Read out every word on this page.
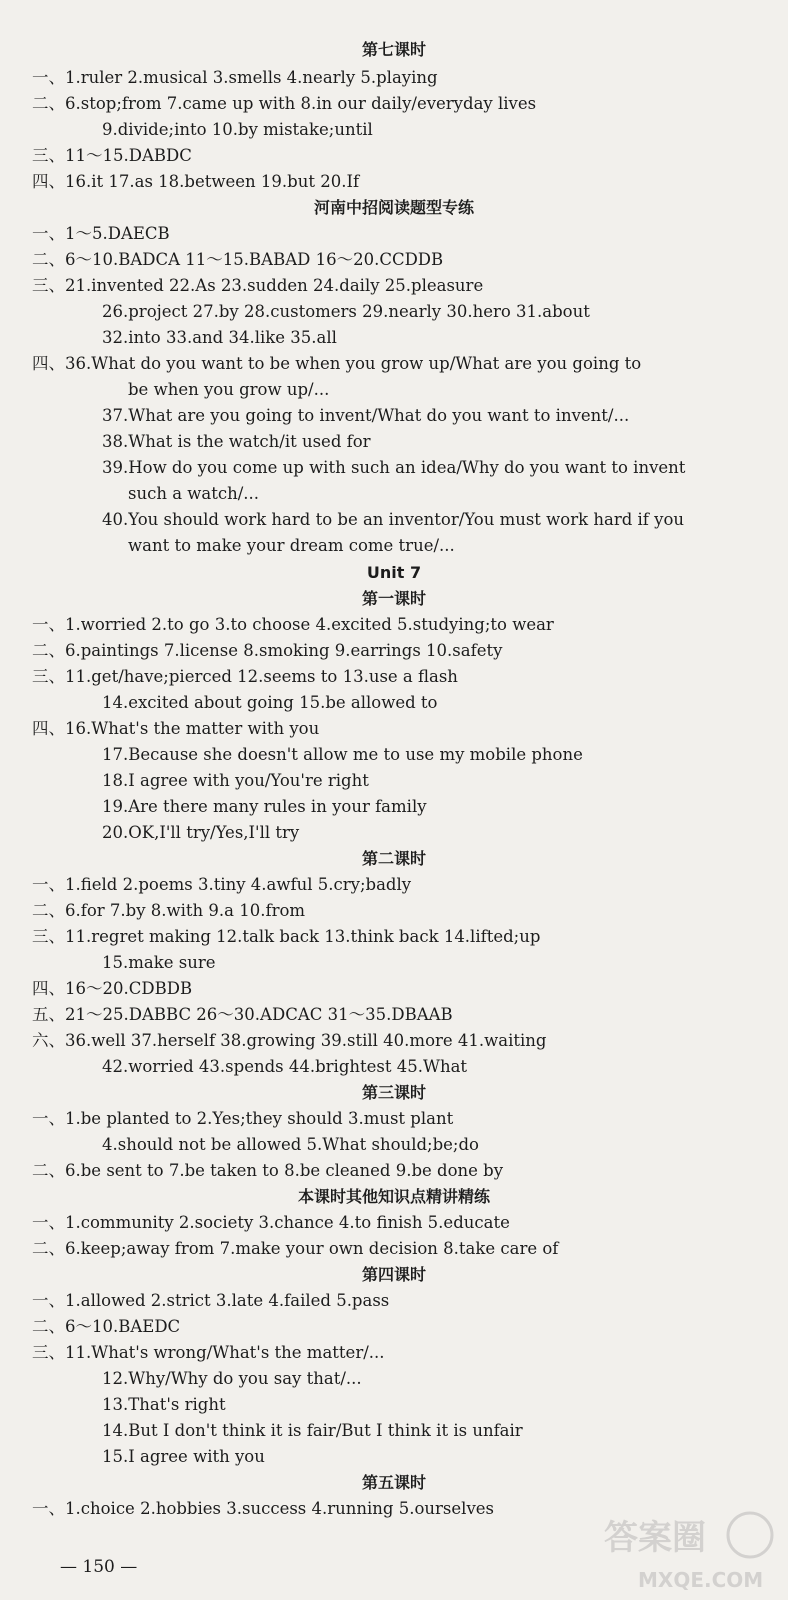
第七课时
一、1.ruler 2.musical 3.smells 4.nearly 5.playing
二、6.stop;from 7.came up with 8.in our daily/everyday lives
9.divide;into 10.by mistake;until
三、11～15.DABDC
四、16.it 17.as 18.between 19.but 20.If
河南中招阅读题型专练
一、1～5.DAECB
二、6～10.BADCA 11～15.BABAD 16～20.CCDDB
三、21.invented 22.As 23.sudden 24.daily 25.pleasure
26.project 27.by 28.customers 29.nearly 30.hero 31.about
32.into 33.and 34.like 35.all
四、36.What do you want to be when you grow up/What are you going to
be when you grow up/...
37.What are you going to invent/What do you want to invent/...
38.What is the watch/it used for
39.How do you come up with such an idea/Why do you want to invent
such a watch/...
40.You should work hard to be an inventor/You must work hard if you
want to make your dream come true/...
Unit 7
第一课时
一、1.worried 2.to go 3.to choose 4.excited 5.studying;to wear
二、6.paintings 7.license 8.smoking 9.earrings 10.safety
三、11.get/have;pierced 12.seems to 13.use a flash
14.excited about going 15.be allowed to
四、16.What's the matter with you
17.Because she doesn't allow me to use my mobile phone
18.I agree with you/You're right
19.Are there many rules in your family
20.OK,I'll try/Yes,I'll try
第二课时
一、1.field 2.poems 3.tiny 4.awful 5.cry;badly
二、6.for 7.by 8.with 9.a 10.from
三、11.regret making 12.talk back 13.think back 14.lifted;up
15.make sure
四、16～20.CDBDB
五、21～25.DABBC 26～30.ADCAC 31～35.DBAAB
六、36.well 37.herself 38.growing 39.still 40.more 41.waiting
42.worried 43.spends 44.brightest 45.What
第三课时
一、1.be planted to 2.Yes;they should 3.must plant
4.should not be allowed 5.What should;be;do
二、6.be sent to 7.be taken to 8.be cleaned 9.be done by
本课时其他知识点精讲精练
一、1.community 2.society 3.chance 4.to finish 5.educate
二、6.keep;away from 7.make your own decision 8.take care of
第四课时
一、1.allowed 2.strict 3.late 4.failed 5.pass
二、6～10.BAEDC
三、11.What's wrong/What's the matter/...
12.Why/Why do you say that/...
13.That's right
14.But I don't think it is fair/But I think it is unfair
15.I agree with you
第五课时
一、1.choice 2.hobbies 3.success 4.running 5.ourselves
— 150 —
答案圈
MXQE.COM
